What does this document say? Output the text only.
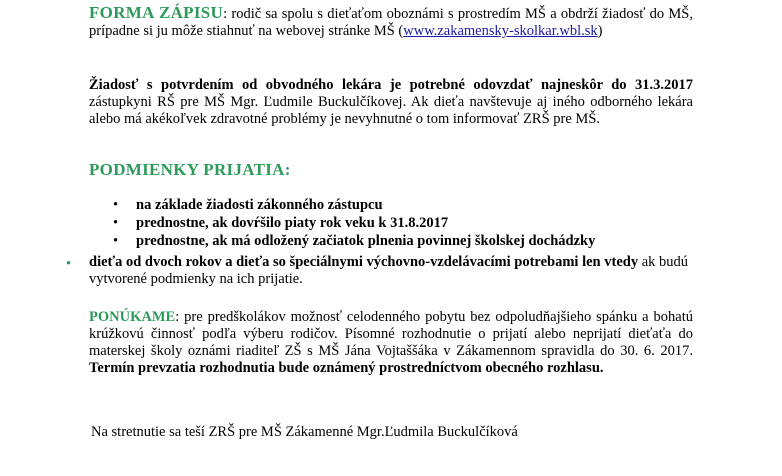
FORMA ZÁPISU: rodič sa spolu s dieťaťom oboznámi s prostredím MŠ a obdrží žiadosť do MŠ, prípadne si ju môže stiahnuť na webovej stránke MŠ (www.zakamensky-skolkar.wbl.sk)
Žiadosť s potvrdením od obvodného lekára je potrebné odovzdať najneskôr do 31.3.2017 zástupkyni RŠ pre MŠ Mgr. Ľudmile Buckulčíkovej. Ak dieťa navštevuje aj iného odborného lekára alebo má akékoľvek zdravotné problémy je nevyhnutné o tom informovať ZRŠ pre MŠ.
PODMIENKY PRIJATIA:
• na základe žiadosti zákonného zástupcu
• prednostne, ak dovŕšilo piaty rok veku k 31.8.2017
• prednostne, ak má odložený začiatok plnenia povinnej školskej dochádzky
• dieťa od dvoch rokov a dieťa so špeciálnymi výchovno-vzdelávacími potrebami len vtedy ak budú vytvorené podmienky na ich prijatie.
PONÚKAME: pre predškolákov možnosť celodenného pobytu bez odpoludňajšieho spánku a bohatú krúžkovú činnosť podľa výberu rodičov. Písomné rozhodnutie o prijatí alebo neprijatí dieťaťa do materskej školy oznámi riaditeľ ZŠ s MŠ Jána Vojtaššáka v Zákamennom spravidla do 30. 6. 2017. Termín prevzatia rozhodnutia bude oznámený prostredníctvom obecného rozhlasu.
Na stretnutie sa teší ZRŠ pre MŠ Zákamenné Mgr.Ľudmila Buckulčíková
